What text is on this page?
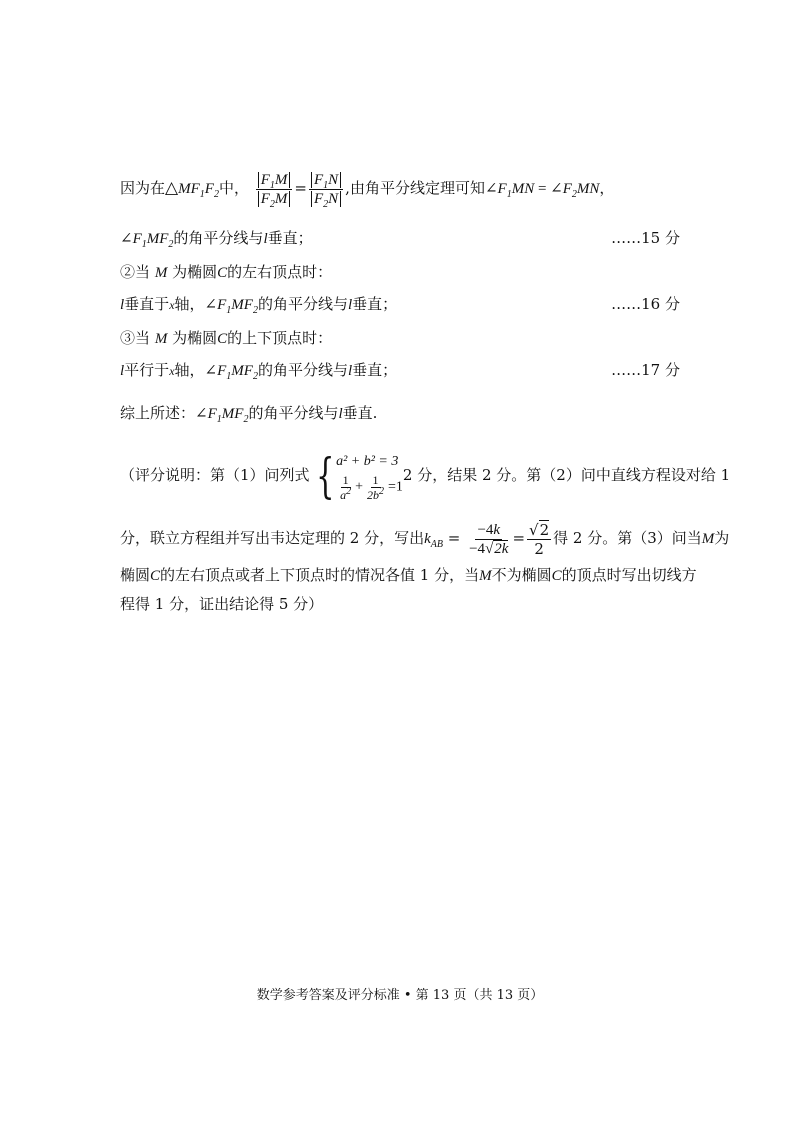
因为在$\triangle MF_1F_2$中， $\frac{F_1M}{F_2M} = \frac{F_1N}{F_2N}$ ,由角平分线定理可知$\angle F_1MN$ = $\angle F_2MN$，
$\angle F_1MF_2$的角平分线与l垂直；	……15 分
②当 M 为椭圆C的左右顶点时：
l垂直于x轴，$\angle F_1MF_2$的角平分线与l垂直；	……16 分
③当 M 为椭圆C的上下顶点时：
l平行于x轴，$\angle F_1MF_2$的角平分线与l垂直；	……17 分
综上所述：$\angle F_1MF_2$的角平分线与l垂直.
（评分说明：第（1）问列式 { a² + b² = 3
$\frac{1}{a^2} + \frac{1}{2b^2} =1$
2 分，结果 2 分。第（2）问中直线方程设对给 1
分，联立方程组并写出韦达定理的 2 分，写出$k_{AB} = \frac{-4k}{-4√2k} = \frac{√2}{2}$ 得 2 分。第（3）问当M为
椭圆C的左右顶点或者上下顶点时的情况各值 1 分，当M不为椭圆C的顶点时写出切线方
程得 1 分，证出结论得 5 分）
数学参考答案及评分标准 • 第 13 页（共 13 页）
